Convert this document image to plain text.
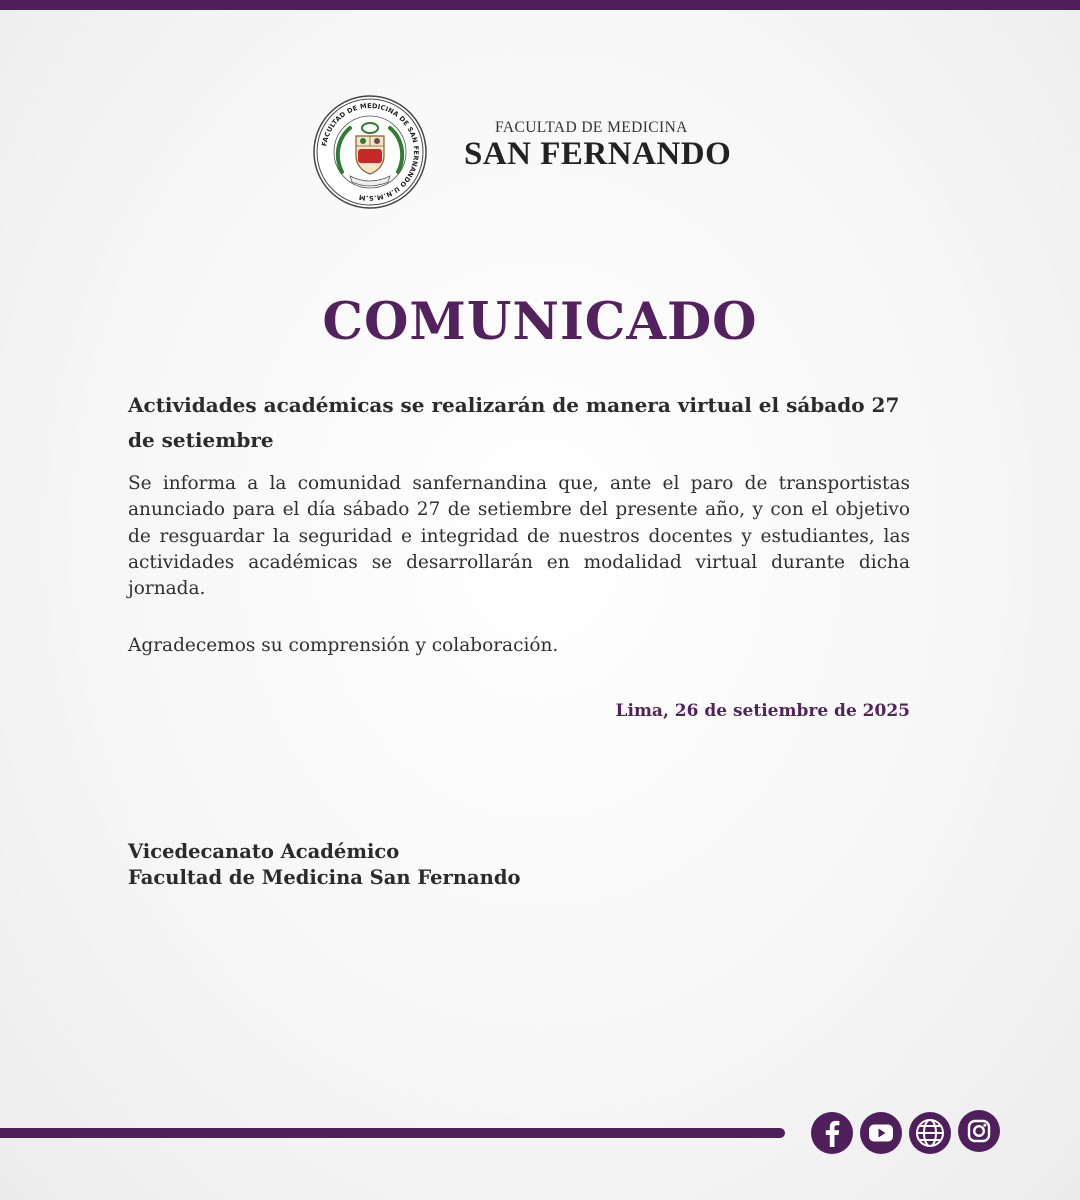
FACULTAD DE MEDICINA DE SAN FERNANDO U.N.M.S.M
FACULTAD DE MEDICINA
SAN FERNANDO
COMUNICADO
Actividades académicas se realizarán de manera virtual el sábado 27 de setiembre
Se informa a la comunidad sanfernandina que, ante el paro de transportistas anunciado para el día sábado 27 de setiembre del presente año, y con el objetivo de resguardar la seguridad e integridad de nuestros docentes y estudiantes, las actividades académicas se desarrollarán en modalidad virtual durante dicha jornada.
Agradecemos su comprensión y colaboración.
Lima, 26 de setiembre de 2025
Vicedecanato Académico
Facultad de Medicina San Fernando
